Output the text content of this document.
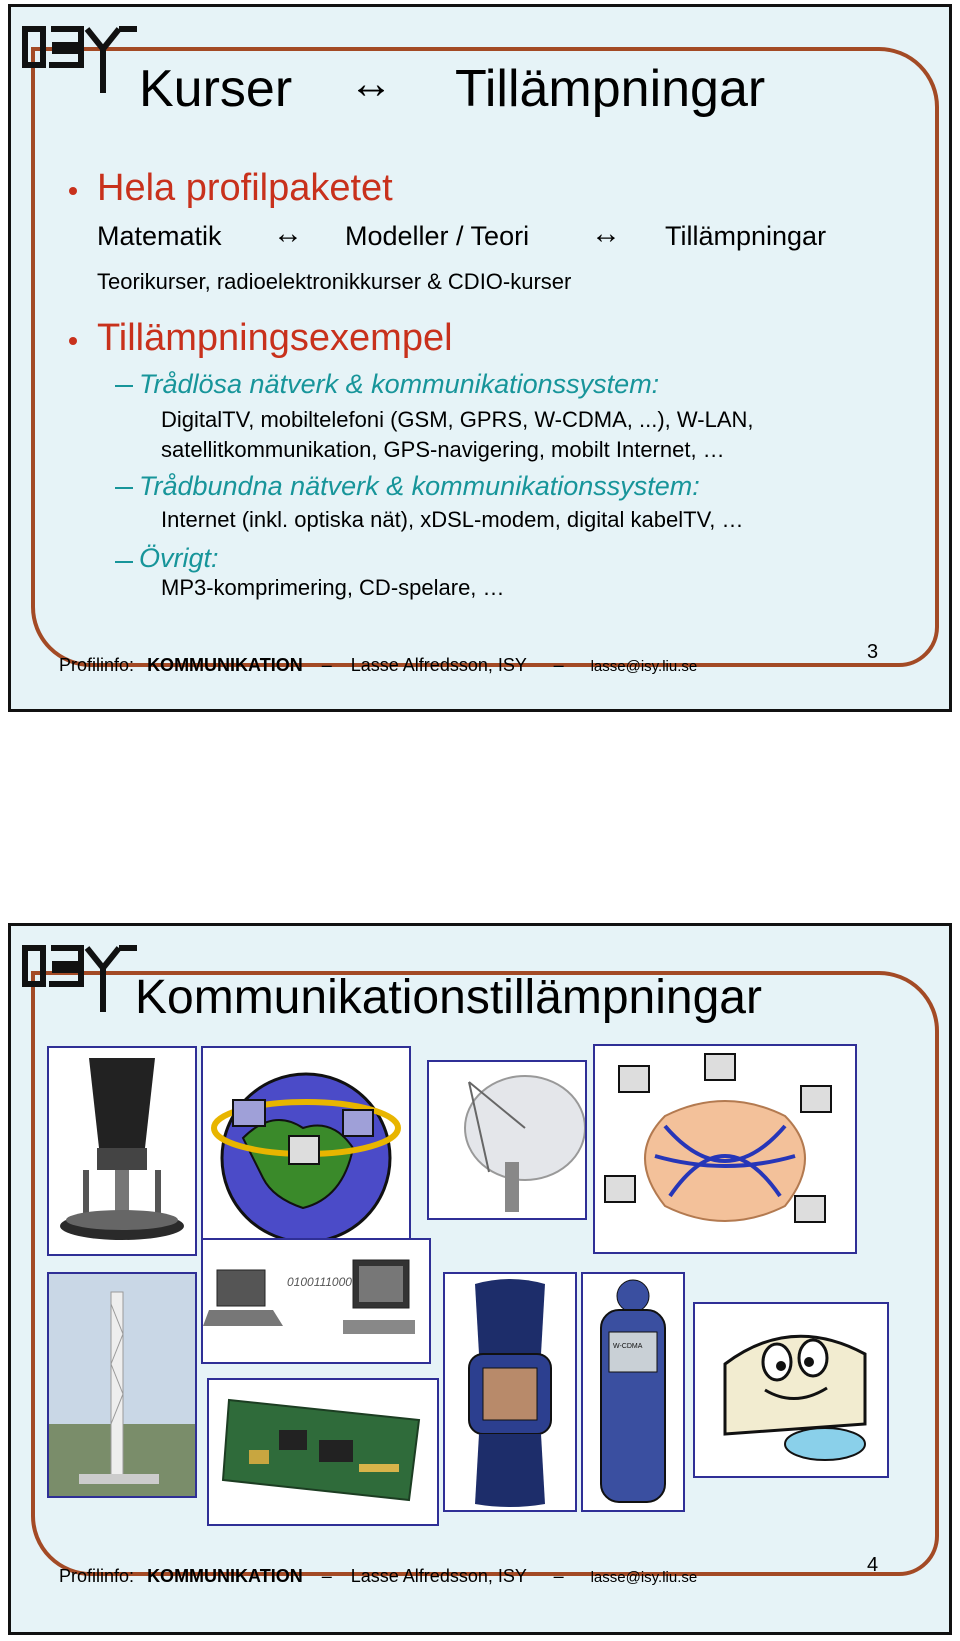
Kurser ↔ Tillämpningar
Hela profilpaketet
Matematik ↔ Modeller / Teori ↔ Tillämpningar
Teorikurser, radioelektronikkurser & CDIO-kurser
Tillämpningsexempel
Trådlösa nätverk & kommunikationssystem:
DigitalTV, mobiltelefoni (GSM, GPRS, W-CDMA, ...), W-LAN,
satellitkommunikation, GPS-navigering, mobilt Internet, …
Trådbundna nätverk & kommunikationssystem:
Internet (inkl. optiska nät), xDSL-modem, digital kabelTV, …
Övrigt:
MP3-komprimering, CD-spelare, …
Profilinfo: KOMMUNIKATION – Lasse Alfredsson, ISY – lasse@isy.liu.se
3
Kommunikationstillämpningar
0100111000
W-CDMA
Profilinfo: KOMMUNIKATION – Lasse Alfredsson, ISY – lasse@isy.liu.se
4
